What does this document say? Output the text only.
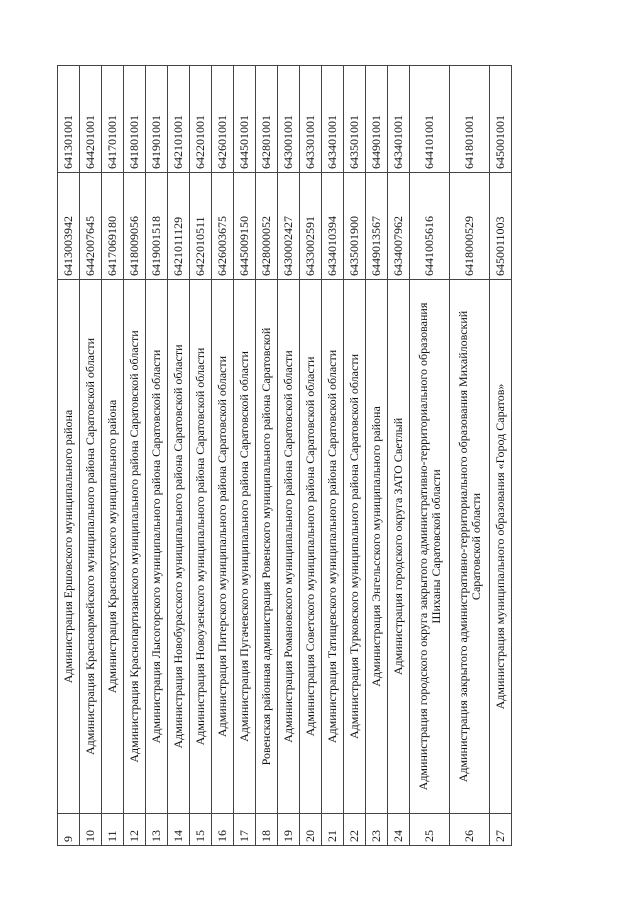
9	Администрация Ершовского муниципального района	6413003942	641301001
10	Администрация Красноармейского муниципального района Саратовской области	6442007645	644201001
11	Администрация Краснокутского муниципального района	6417069180	641701001
12	Администрация Краснопартизанского муниципального района Саратовской области	6418009056	641801001
13	Администрация Лысогорского муниципального района Саратовской области	6419001518	641901001
14	Администрация Новобурасского муниципального района Саратовской области	6421011129	642101001
15	Администрация Новоузенского муниципального района Саратовской области	6422010511	642201001
16	Администрация Питерского муниципального района Саратовской области	6426003675	642601001
17	Администрация Пугачевского муниципального района Саратовской области	6445009150	644501001
18	Ровенская районная администрация Ровенского муниципального района Саратовской	6428000052	642801001
19	Администрация Романовского муниципального района Саратовской области	6430002427	643001001
20	Администрация Советского муниципального района Саратовской области	6433002591	643301001
21	Администрация Татищевского муниципального района Саратовской области	6434010394	643401001
22	Администрация Турковского муниципального района Саратовской области	6435001900	643501001
23	Администрация Энгельсского муниципального района	6449013567	644901001
24	Администрация городского округа ЗАТО Светлый	6434007962	643401001
25	Администрация городского округа закрытого административно-территориального образования Шиханы Саратовской области	6441005616	644101001
26	Администрация закрытого административно-территориального образования Михайловский Саратовской области	6418000529	641801001
27	Администрация муниципального образования «Город Саратов»	6450011003	645001001
